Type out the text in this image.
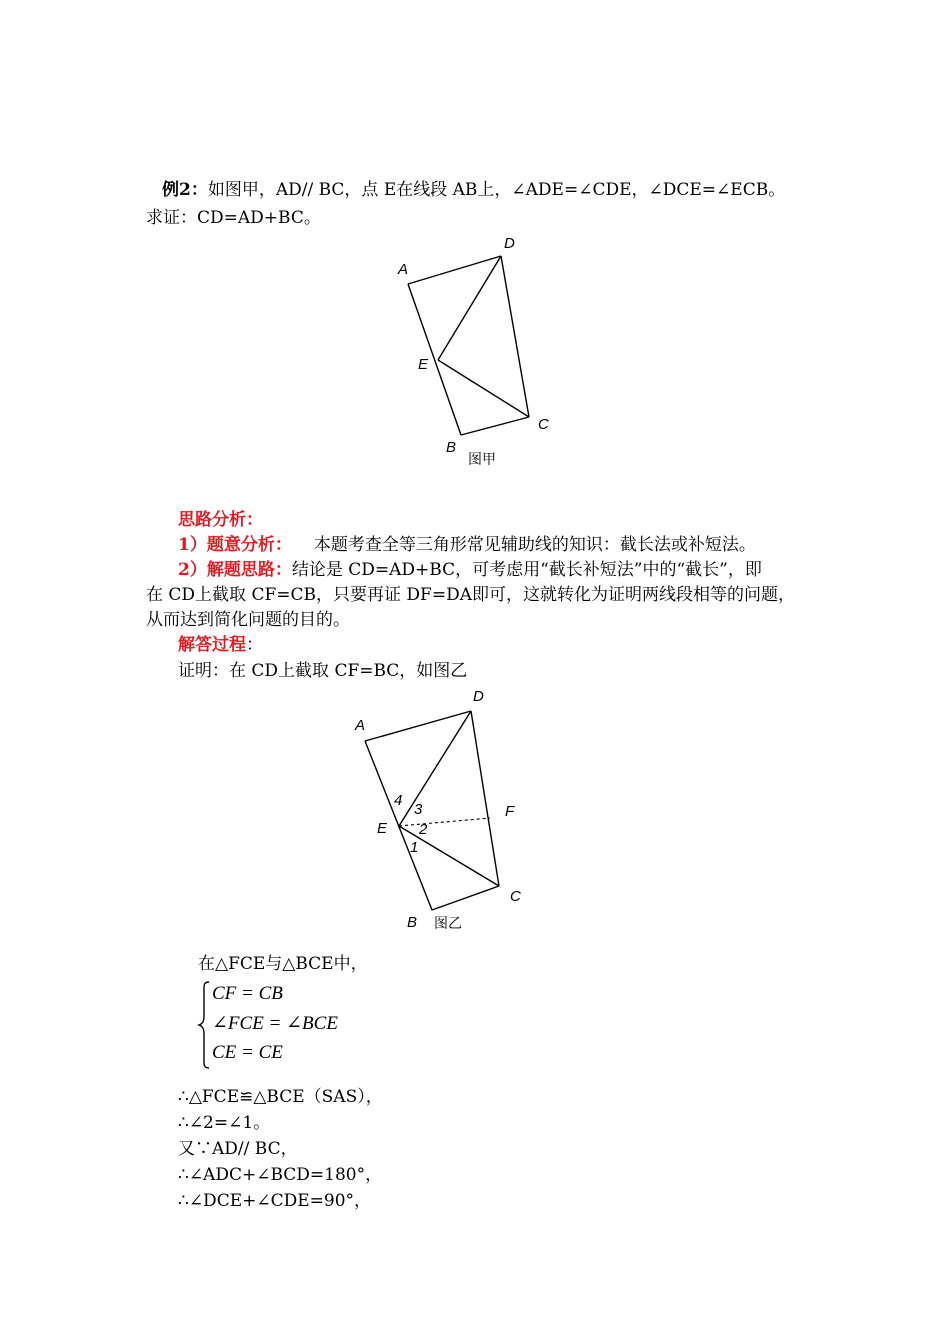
例2：如图甲，AD// BC，点 E在线段 AB上，∠ADE=∠CDE，∠DCE=∠ECB。
求证：CD=AD+BC。
A
D
E
C
B
图甲
思路分析：
1）题意分析： 本题考查全等三角形常见辅助线的知识：截长法或补短法。
2）解题思路：结论是 CD=AD+BC，可考虑用“截长补短法”中的“截长”，即
在 CD上截取 CF=CB，只要再证 DF=DA即可，这就转化为证明两线段相等的问题，
从而达到简化问题的目的。
解答过程：
证明：在 CD上截取 CF=BC，如图乙
A
D
F
E
C
B
4
3
2
1
图乙
在△FCE与△BCE中，
CF = CB
∠FCE = ∠BCE
CE = CE
∴△FCE≌△BCE（SAS），
∴∠2=∠1。
又∵AD// BC，
∴∠ADC+∠BCD=180°，
∴∠DCE+∠CDE=90°，
